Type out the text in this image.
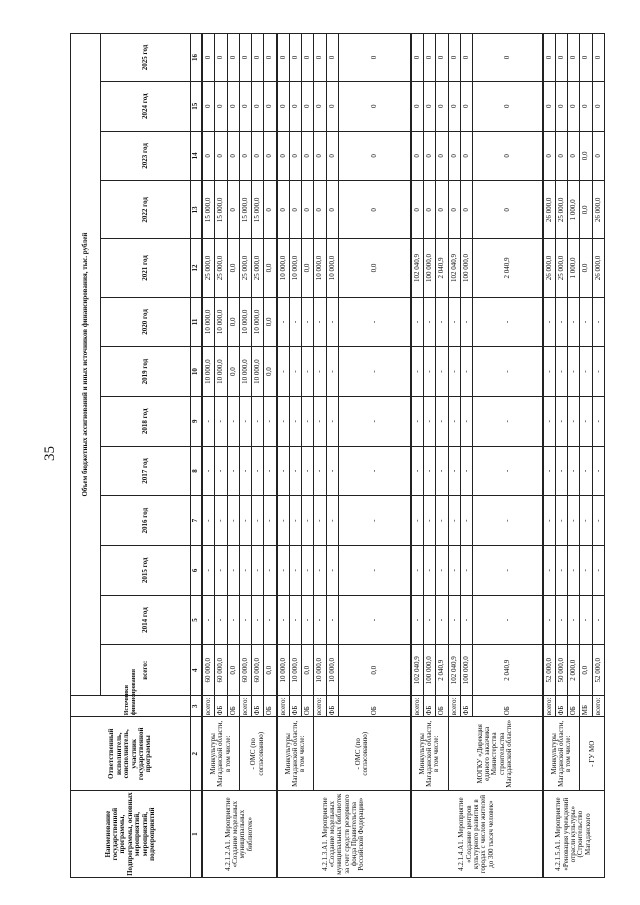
35
Наименование государственной программы, Подпрограммы, основных мероприятий, мероприятий, подмероприятий	Ответственный исполнитель, соисполнитель, участник государственной программы	Источники финансирования	Объем бюджетных ассигнований и иных источников финансирования, тыс. рублей												
			всего:	2014 год	2015 год	2016 год	2017 год	2018 год	2019 год	2020 год	2021 год	2022 год	2023 год	2024 год	2025 год
1	2	3	4	5	6	7	8	9	10	11	12	13	14	15	16
4.2.1.2.А1. Мероприятие «Создание модельных муниципальных библиотек»	Минкультуры Магаданской области, в том числе:	всего:	60 000,0	-	-	-	-	-	10 000,0	10 000,0	25 000,0	15 000,0	0	0	0
		ФБ	60 000,0	-	-	-	-	-	10 000,0	10 000,0	25 000,0	15 000,0	0	0	0
		ОБ	0,0	-	-	-	-	-	0,0	0,0	0,0	0	0	0	0
	- ОМС (по согласованию)	всего:	60 000,0	-	-	-	-	-	10 000,0	10 000,0	25 000,0	15 000,0	0	0	0
		ФБ	60 000,0	-	-	-	-	-	10 000,0	10 000,0	25 000,0	15 000,0	0	0	0
		ОБ	0,0	-	-	-	-	-	0,0	0,0	0,0	0	0	0	0
4.2.1.3.А1. Мероприятие «Создание модельных муниципальных библиотек за счет средств резервного фонда Правительства Российской Федерации»	Минкультуры Магаданской области, в том числе:	всего:	10 000,0	-	-	-	-	-	-	-	10 000,0	0	0	0	0
		ФБ	10 000,0	-	-	-	-	-	-	-	10 000,0	0	0	0	0
		ОБ	0,0	-	-	-	-	-	-	-	0,0	0	0	0	0
	- ОМС (по согласованию)	всего:	10 000,0	-	-	-	-	-	-	-	10 000,0	0	0	0	0
		ФБ	10 000,0	-	-	-	-	-	-	-	10 000,0	0	0	0	0
		ОБ	0,0	-	-	-	-	-	-	-	0,0	0	0	0	0
4.2.1.4.А1. Мероприятие «Создание центров культурного развития в городах с числом жителей до 300 тысяч человек»	Минкультуры Магаданской области, в том числе:	всего:	102 040,9	-	-	-	-	-	-	-	102 040,9	0	0	0	0
		ФБ	100 000,0	-	-	-	-	-	-	-	100 000,0	0	0	0	0
		ОБ	2 040,9	-	-	-	-	-	-	-	2 040,9	0	0	0	0
	МОГКУ «Дирекция единого заказчика Министерства строительства Магаданской области»	всего:	102 040,9	-	-	-	-	-	-	-	102 040,9	0	0	0	0
		ФБ	100 000,0	-	-	-	-	-	-	-	100 000,0	0	0	0	0
		ОБ	2 040,9	-	-	-	-	-	-	-	2 040,9	0	0	0	0
4.2.1.5.А1. Мероприятие «Реновация учреждений отрасли культуры» (Строительство Магаданского	Минкультуры Магаданской области, в том числе:	всего:	52 000,0	-	-	-	-	-	-	-	26 000,0	26 000,0	0	0	0
		ФБ	50 000,0	-	-	-	-	-	-	-	25 000,0	25 000,0	0	0	0
		ОБ	2 000,0	-	-	-	-	-	-	-	1 000,0	1 000,0	0	0	0
	- ГУ МО	МБ	0,0	-	-	-	-	-	-	-	0,0	0,0	0,0	0	0
		всего:	52 000,0	-	-	-	-	-	-	-	26 000,0	26 000,0	0	0	0
